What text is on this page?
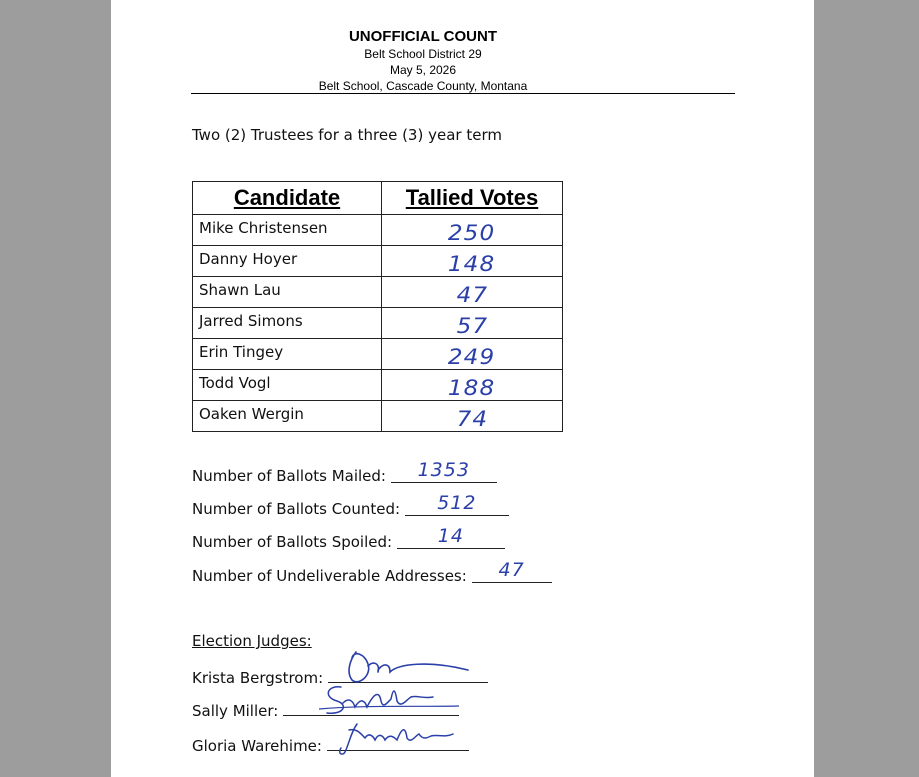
UNOFFICIAL COUNT
Belt School District 29
May 5, 2026
Belt School, Cascade County, Montana
Two (2) Trustees for a three (3) year term
Candidate	Tallied Votes

Mike Christensen	250

Danny Hoyer	148

Shawn Lau	47

Jarred Simons	57

Erin Tingey	249

Todd Vogl	188

Oaken Wergin	74
Number of Ballots Mailed: 1353
Number of Ballots Counted: 512
Number of Ballots Spoiled: 14
Number of Undeliverable Addresses: 47
Election Judges:
Krista Bergstrom:
Sally Miller:
Gloria Warehime:
